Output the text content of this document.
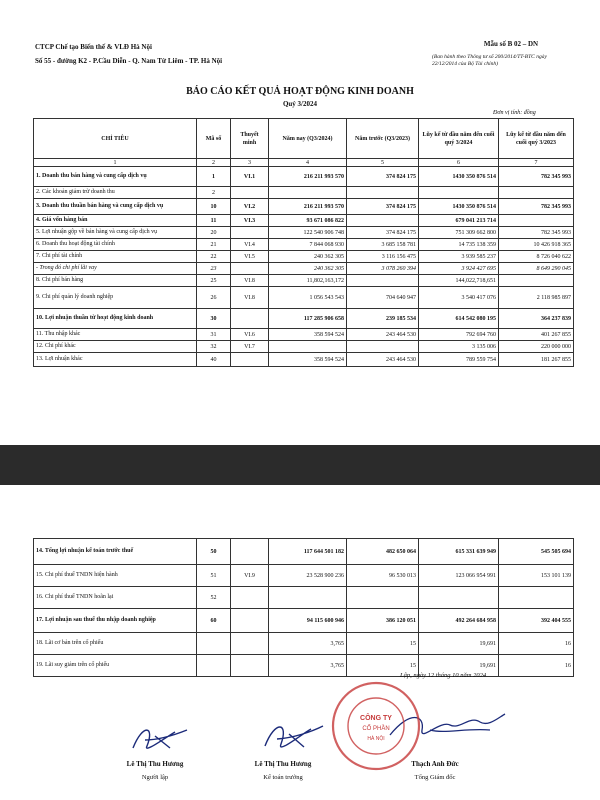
CTCP Chế tạo Biến thế & VLĐ Hà Nội
Số 55 - đường K2 - P.Cầu Diễn - Q. Nam Từ Liêm - TP. Hà Nội
Mẫu số B 02 – DN
(Ban hành theo Thông tư số 200/2014/TT-BTC ngày 22/12/2014 của Bộ Tài chính)
BÁO CÁO KẾT QUẢ HOẠT ĐỘNG KINH DOANH
Quý 3/2024
Đơn vị tính: đồng
CHỈ TIÊU	Mã số	Thuyết minh	Năm nay (Q3/2024)	Năm trước (Q3/2023)	Lũy kế từ đầu năm đến cuối quý 3/2024	Lũy kế từ đầu năm đến cuối quý 3/2023
1	2	3	4	5	6	7
1. Doanh thu bán hàng và cung cấp dịch vụ	1	VI.1	216 211 993 570	374 824 175	1430 350 876 514	782 345 993
2. Các khoản giảm trừ doanh thu	2					
3. Doanh thu thuần bán hàng và cung cấp dịch vụ	10	VI.2	216 211 993 570	374 824 175	1430 350 876 514	782 345 993
4. Giá vốn hàng bán	11	VI.3	93 671 086 822		679 041 213 714	
5. Lợi nhuận gộp về bán hàng và cung cấp dịch vụ	20		122 540 906 748	374 824 175	751 309 662 800	782 345 993
6. Doanh thu hoạt động tài chính	21	VI.4	7 844 068 930	3 685 158 781	14 735 138 359	10 426 918 365
7. Chi phí tài chính	22	VI.5	240 362 305	3 116 156 475	3 939 585 237	8 726 040 622
- Trong đó chi phí lãi vay	23		240 362 305	3 078 260 394	3 924 427 695	8 649 290 045
8. Chi phí bán hàng	25	VI.8	11,802,163,172		144,022,718,651	
9. Chi phí quản lý doanh nghiệp	26	VI.8	1 056 543 543	704 640 947	3 540 417 076	2 118 985 897
10. Lợi nhuận thuần từ hoạt động kinh doanh	30		117 285 906 658	239 185 534	614 542 080 195	364 237 839
11. Thu nhập khác	31	VI.6	358 594 524	243 464 530	792 694 760	401 267 855
12. Chi phí khác	32	VI.7			3 135 006	220 000 000
13. Lợi nhuận khác	40		358 594 524	243 464 530	789 559 754	181 267 855
14. Tổng lợi nhuận kế toán trước thuế	50		117 644 501 182	482 650 064	615 331 639 949	545 505 694
15. Chi phí thuế TNDN hiện hành	51	VI.9	23 528 900 236	96 530 013	123 066 954 991	153 101 139
16. Chi phí thuế TNDN hoãn lại	52					
17. Lợi nhuận sau thuế thu nhập doanh nghiệp	60		94 115 600 946	386 120 051	492 264 684 958	392 404 555
18. Lãi cơ bản trên cổ phiếu			3,765	15	19,691	16
19. Lãi suy giảm trên cổ phiếu			3,765	15	19,691	16
Lập, ngày 12 tháng 10 năm 2024
CÔNG TY
CỔ PHẦN
HÀ NỘI
Lê Thị Thu Hương
Người lập
Lê Thị Thu Hương
Kế toán trưởng
Thạch Anh Đức
Tổng Giám đốc
